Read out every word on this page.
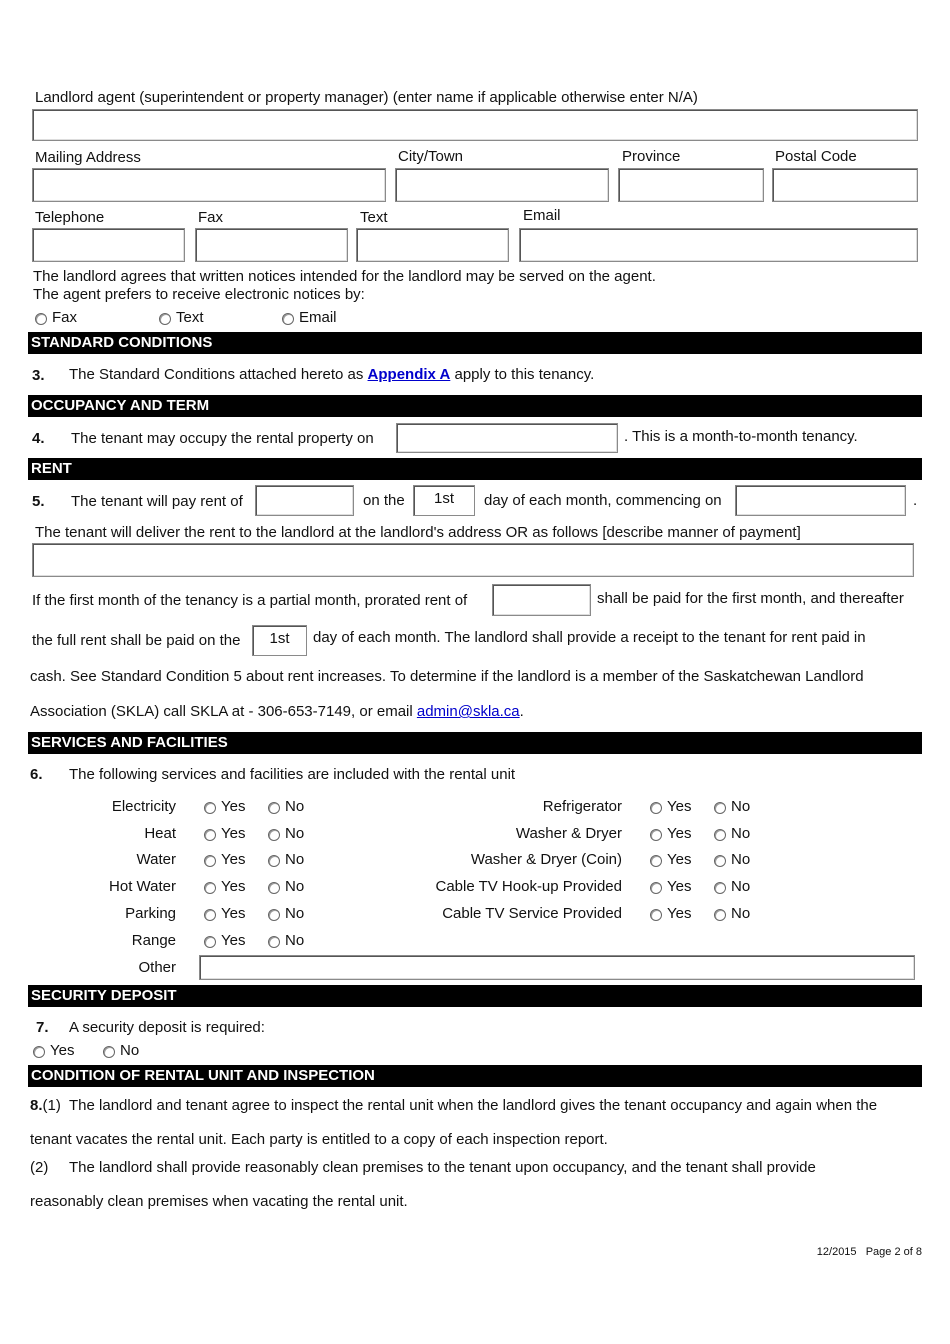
Landlord agent (superintendent or property manager) (enter name if applicable otherwise enter N/A)
Mailing Address	City/Town	Province	Postal Code
Telephone	Fax	Text	Email
The landlord agrees that written notices intended for the landlord may be served on the agent.
The agent prefers to receive electronic notices by:
Fax	Text	Email
STANDARD CONDITIONS
3. The Standard Conditions attached hereto as Appendix A apply to this tenancy.
OCCUPANCY AND TERM
4. The tenant may occupy the rental property on	. This is a month-to-month tenancy.
RENT
5. The tenant will pay rent of	on the	1st	day of each month, commencing on	.
The tenant will deliver the rent to the landlord at the landlord's address OR as follows [describe manner of payment]
If the first month of the tenancy is a partial month, prorated rent of	shall be paid for the first month, and thereafter
the full rent shall be paid on the	1st	day of each month. The landlord shall provide a receipt to the tenant for rent paid in
cash. See Standard Condition 5 about rent increases. To determine if the landlord is a member of the Saskatchewan Landlord
Association (SKLA) call SKLA at - 306-653-7149, or email admin@skla.ca.
SERVICES AND FACILITIES
6. The following services and facilities are included with the rental unit
Electricity	Yes	No
Heat	Yes	No
Water	Yes	No
Hot Water	Yes	No
Parking	Yes	No
Range	Yes	No
Refrigerator	Yes	No
Washer & Dryer	Yes	No
Washer & Dryer (Coin)	Yes	No
Cable TV Hook-up Provided	Yes	No
Cable TV Service Provided	Yes	No
Other
SECURITY DEPOSIT
7. A security deposit is required:
Yes	No
CONDITION OF RENTAL UNIT AND INSPECTION
8.(1) The landlord and tenant agree to inspect the rental unit when the landlord gives the tenant occupancy and again when the
tenant vacates the rental unit. Each party is entitled to a copy of each inspection report.
(2) The landlord shall provide reasonably clean premises to the tenant upon occupancy, and the tenant shall provide
reasonably clean premises when vacating the rental unit.
12/2015 Page 2 of 8
